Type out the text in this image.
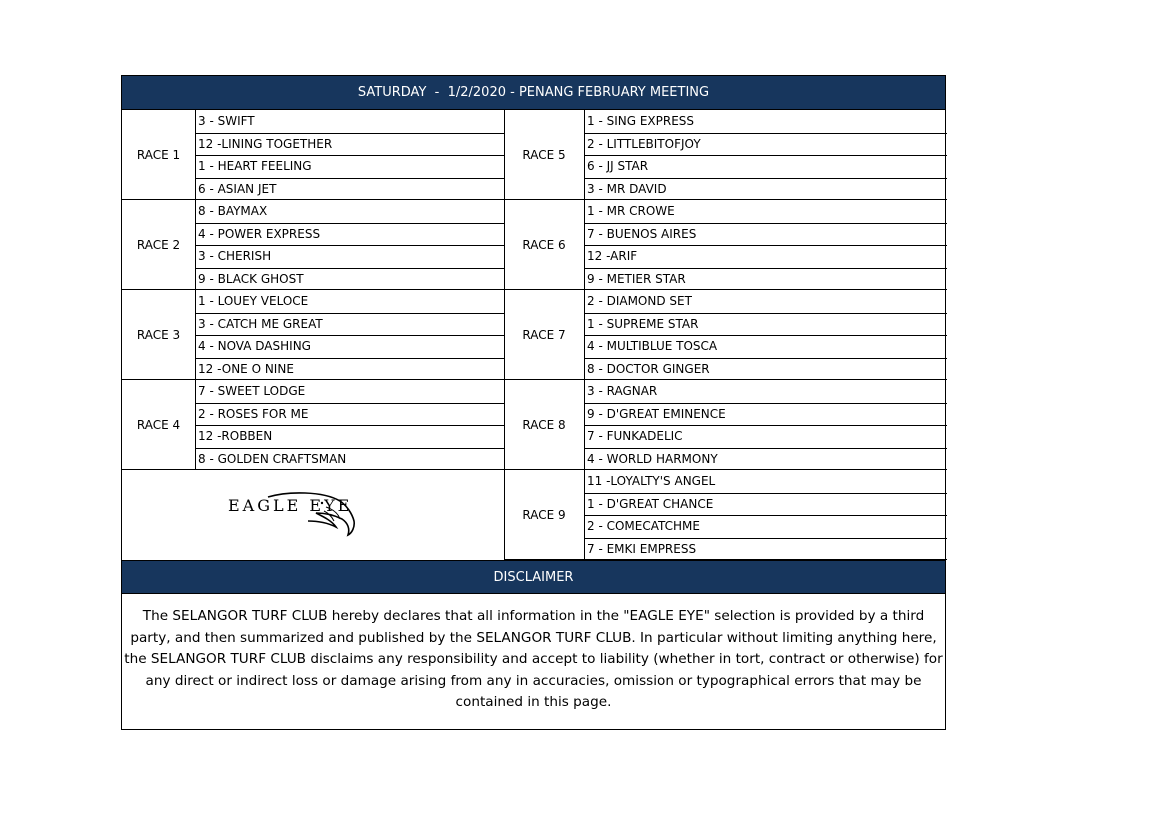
SATURDAY  -  1/2/2020 - PENANG FEBRUARY MEETING
RACE 1
3 - SWIFT
12 -LINING TOGETHER
1 - HEART FEELING
6 - ASIAN JET
RACE 2
8 - BAYMAX
4 - POWER EXPRESS
3 - CHERISH
9 - BLACK GHOST
RACE 3
1 - LOUEY VELOCE
3 - CATCH ME GREAT
4 - NOVA DASHING
12 -ONE O NINE
RACE 4
7 - SWEET LODGE
2 - ROSES FOR ME
12 -ROBBEN
8 - GOLDEN CRAFTSMAN
RACE 5
1 - SING EXPRESS
2 - LITTLEBITOFJOY
6 - JJ STAR
3 - MR DAVID
RACE 6
1 - MR CROWE
7 - BUENOS AIRES
12 -ARIF
9 - METIER STAR
RACE 7
2 - DIAMOND SET
1 - SUPREME STAR
4 - MULTIBLUE TOSCA
8 - DOCTOR GINGER
RACE 8
3 - RAGNAR
9 - D'GREAT EMINENCE
7 - FUNKADELIC
4 - WORLD HARMONY
RACE 9
11 -LOYALTY'S ANGEL
1 - D'GREAT CHANCE
2 - COMECATCHME
7 - EMKI EMPRESS
EAGLE EYE
DISCLAIMER
The SELANGOR TURF CLUB hereby declares that all information in the "EAGLE EYE" selection is provided by a third party, and then summarized and published by the SELANGOR TURF CLUB. In particular without limiting anything here, the SELANGOR TURF CLUB disclaims any responsibility and accept to liability (whether in tort, contract or otherwise) for any direct or indirect loss or damage arising from any in accuracies, omission or typographical errors that may be contained in this page.
